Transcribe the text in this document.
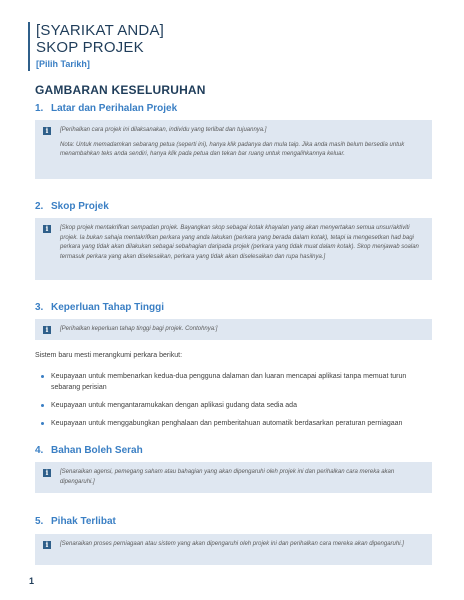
[SYARIKAT ANDA]
SKOP PROJEK
[Pilih Tarikh]
GAMBARAN KESELURUHAN
1. Latar dan Perihalan Projek
i	[Perihalkan cara projek ini dilaksanakan, individu yang terlibat dan tujuannya.]

Nota: Untuk memadamkan sebarang petua (seperti ini), hanya klik padanya dan mula taip. Jika anda masih belum bersedia untuk menambahkan teks anda sendiri, hanya klik pada petua dan tekan bar ruang untuk mengalihkannya keluar.

2. Skop Projek
i	[Skop projek mentakrifkan sempadan projek. Bayangkan skop sebagai kotak khayalan yang akan menyertakan semua unsur/aktiviti projek. Ia bukan sahaja mentakrifkan perkara yang anda lakukan (perkara yang berada dalam kotak), tetapi ia mengesetkan had bagi perkara yang tidak akan dilakukan sebagai sebahagian daripada projek (perkara yang tidak muat dalam kotak). Skop menjawab soalan termasuk perkara yang akan diselesaikan, perkara yang tidak akan diselesaikan dan rupa hasilnya.]

3. Keperluan Tahap Tinggi
i	[Perihalkan keperluan tahap tinggi bagi projek. Contohnya:]

Sistem baru mesti merangkumi perkara berikut:
Keupayaan untuk membenarkan kedua-dua pengguna dalaman dan luaran mencapai aplikasi tanpa memuat turun sebarang perisian
Keupayaan untuk mengantaramukakan dengan aplikasi gudang data sedia ada
Keupayaan untuk menggabungkan penghalaan dan pemberitahuan automatik berdasarkan peraturan perniagaan
4. Bahan Boleh Serah
i	[Senaraikan agensi, pemegang saham atau bahagian yang akan dipengaruhi oleh projek ini dan perihalkan cara mereka akan dipengaruhi.]

5. Pihak Terlibat
i	[Senaraikan proses perniagaan atau sistem yang akan dipengaruhi oleh projek ini dan perihalkan cara mereka akan dipengaruhi.]

1
